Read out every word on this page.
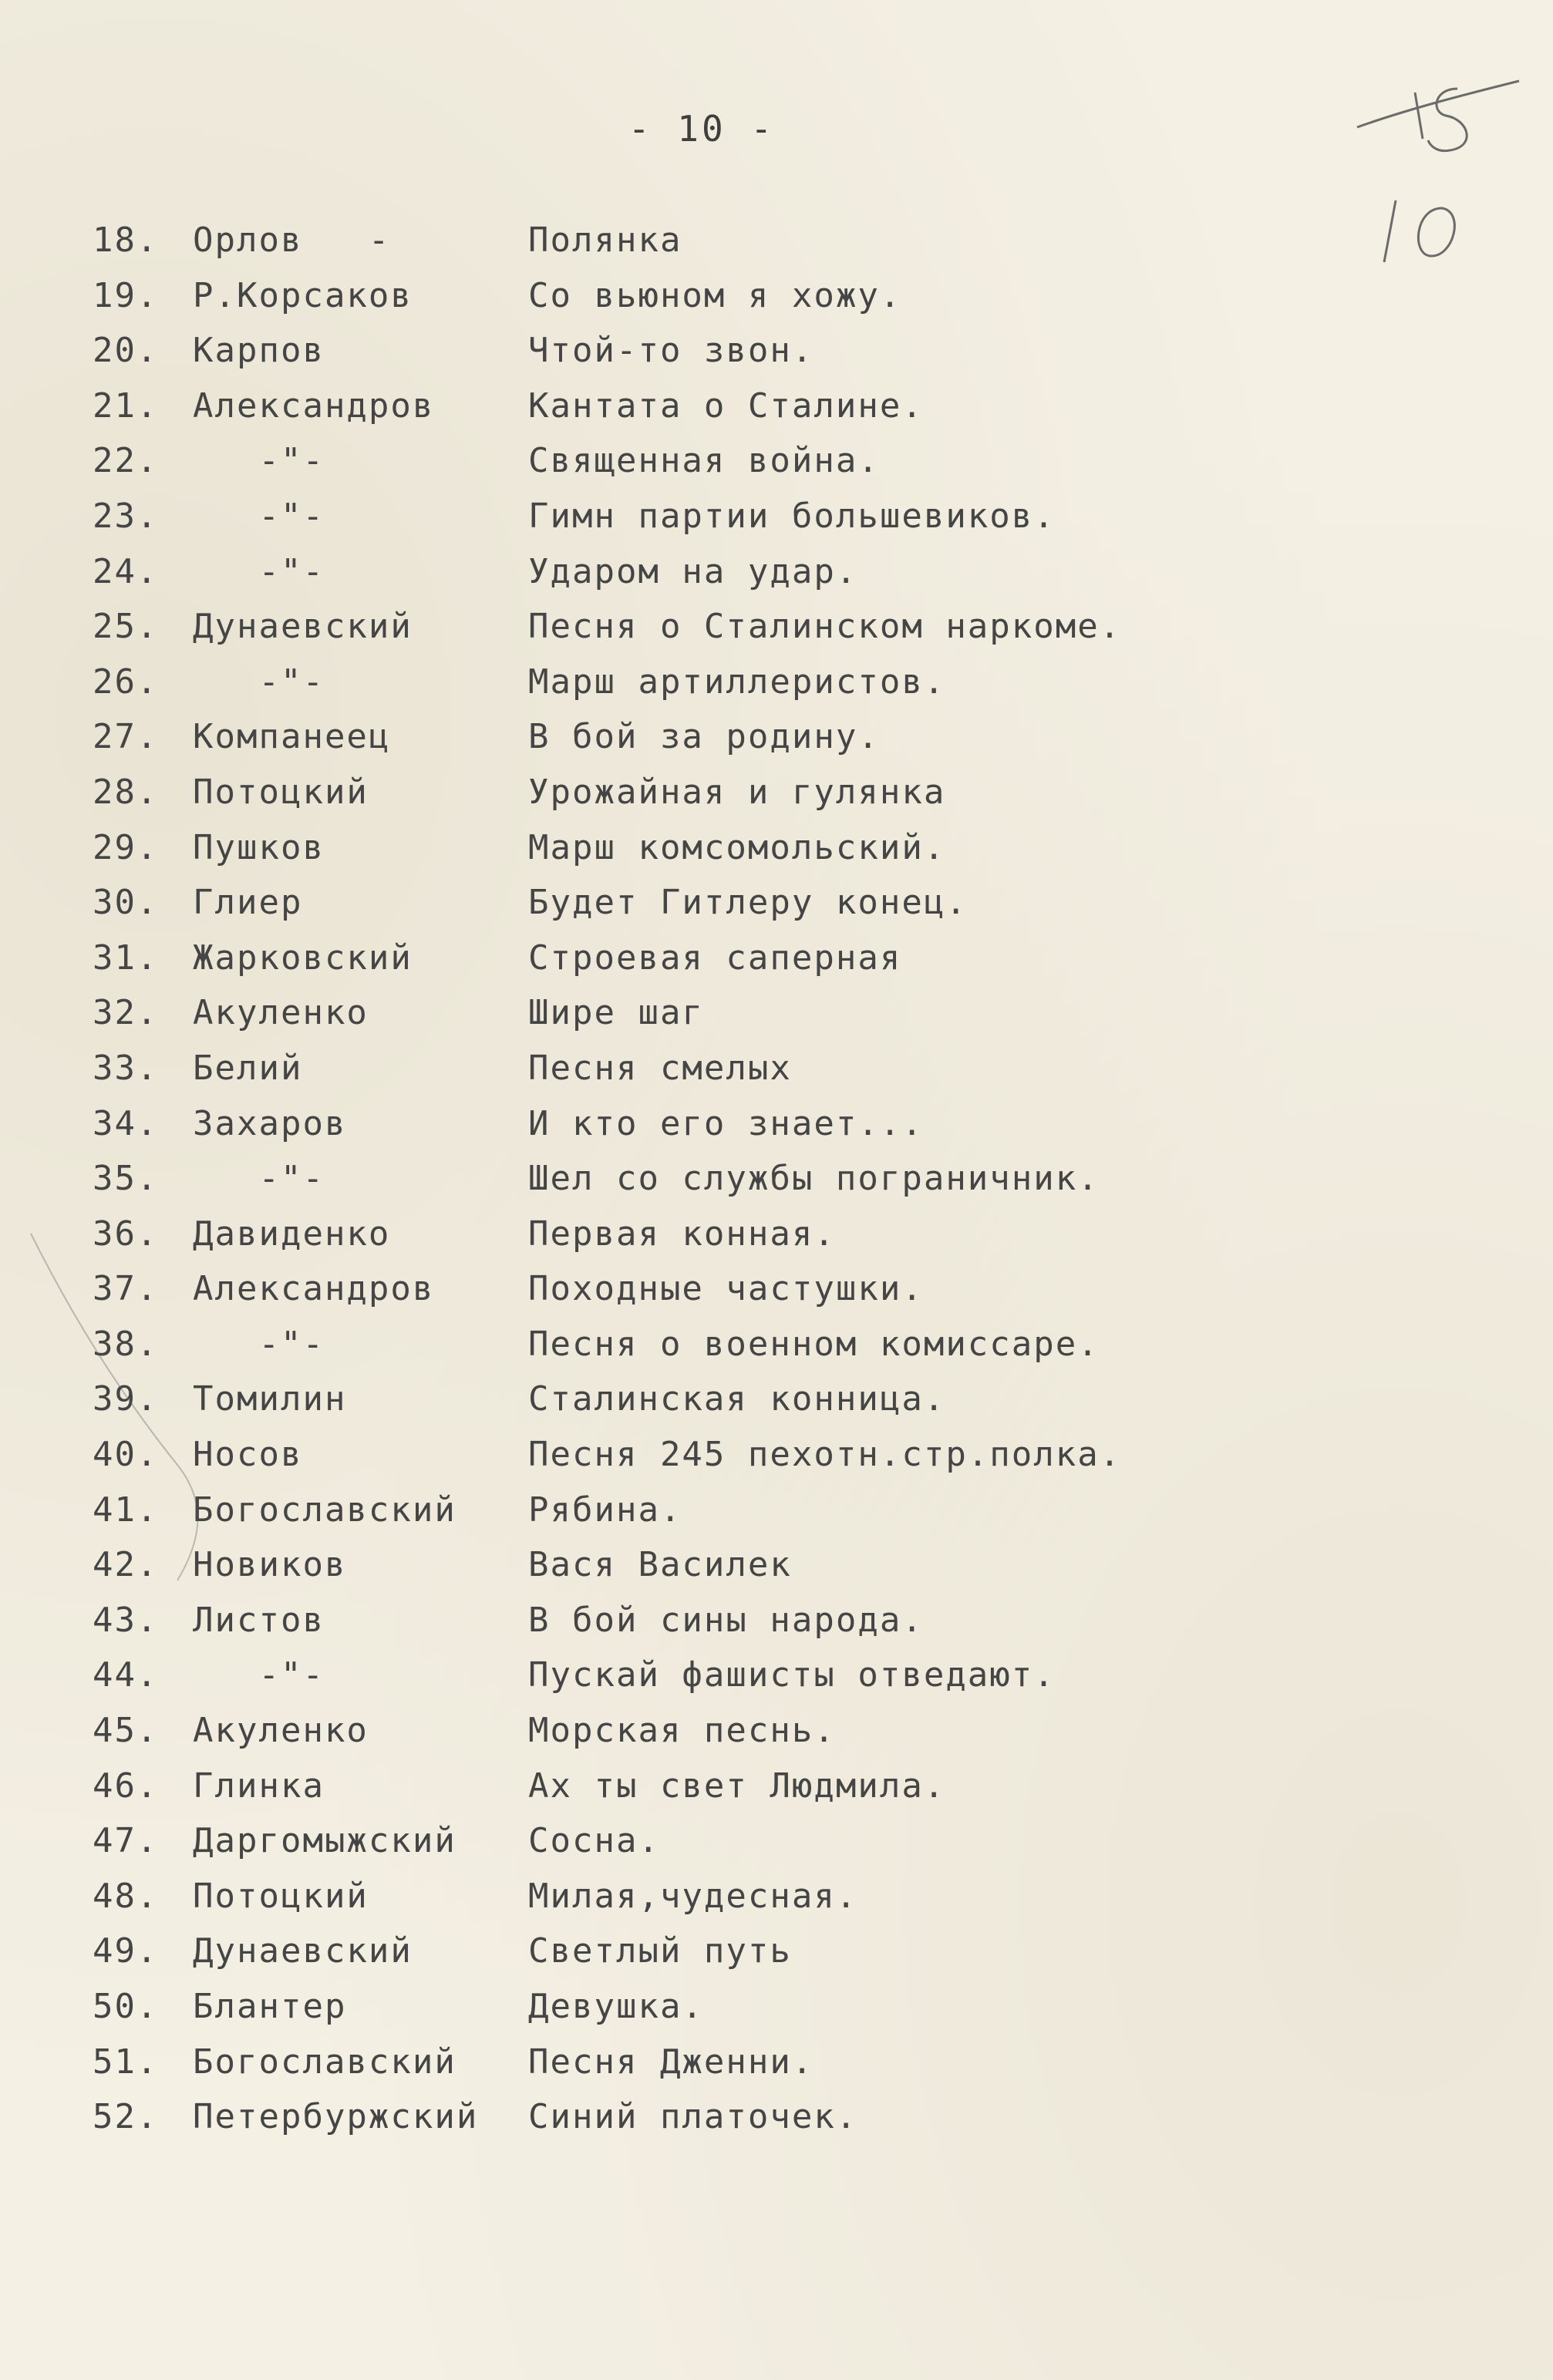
- 10 -
18.	Орлов   -	Полянка
19.	Р.Корсаков	Со вьюном я хожу.
20.	Карпов	Чтой-то звон.
21.	Александров	Кантата о Сталине.
22.	-"-	Священная война.
23.	-"-	Гимн партии большевиков.
24.	-"-	Ударом на удар.
25.	Дунаевский	Песня о Сталинском наркоме.
26.	-"-	Марш артиллеристов.
27.	Компанеец	В бой за родину.
28.	Потоцкий	Урожайная и гулянка
29.	Пушков	Марш комсомольский.
30.	Глиер	Будет Гитлеру конец.
31.	Жарковский	Строевая саперная
32.	Акуленко	Шире шаг
33.	Белий	Песня смелых
34.	Захаров	И кто его знает...
35.	-"-	Шел со службы пограничник.
36.	Давиденко	Первая конная.
37.	Александров	Походные частушки.
38.	-"-	Песня о военном комиссаре.
39.	Томилин	Сталинская конница.
40.	Носов	Песня 245 пехотн.стр.полка.
41.	Богославский	Рябина.
42.	Новиков	Вася Василек
43.	Листов	В бой сины народа.
44.	-"-	Пускай фашисты отведают.
45.	Акуленко	Морская песнь.
46.	Глинка	Ах ты свет Людмила.
47.	Даргомыжский	Сосна.
48.	Потоцкий	Милая,чудесная.
49.	Дунаевский	Светлый путь
50.	Блантер	Девушка.
51.	Богославский	Песня Дженни.
52.	Петербуржский	Синий платочек.
